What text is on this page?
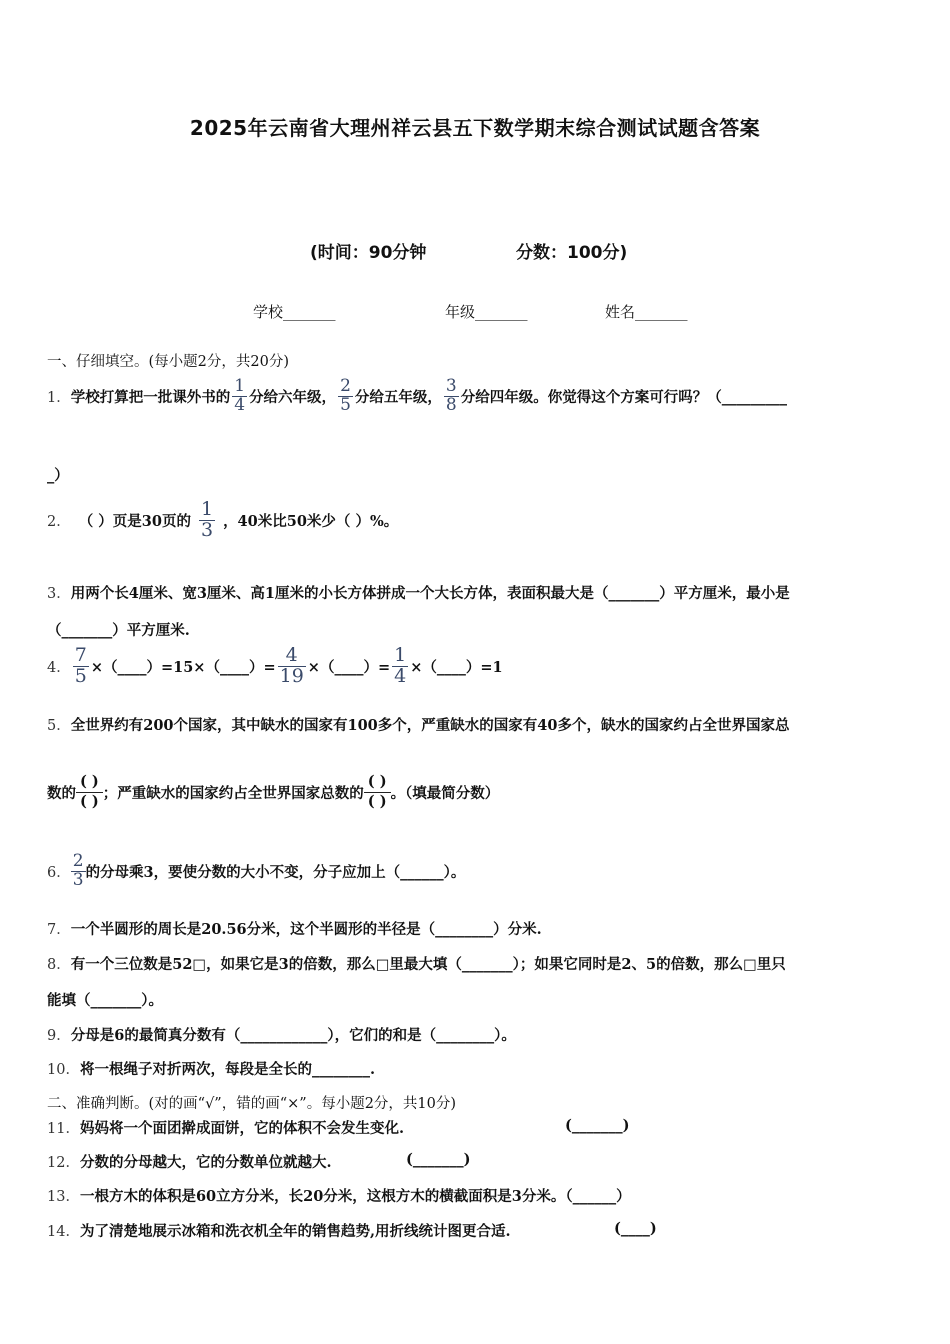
2025年云南省大理州祥云县五下数学期末综合测试试题含答案
(时间：90分钟	分数：100分)
学校_______	年级_______	姓名_______
一、仔细填空。(每小题2分，共20分)
1． 学校打算把一批课外书的 $\frac{1}{4}$ 分给六年级， $\frac{2}{5}$ 分给五年级， $\frac{3}{8}$ 分给四年级。你觉得这个方案可行吗？（_________
_）
2． （ ）页是30页的 $\frac{1}{3}$ ，40米比50米少（ ）%。
3．用两个长4厘米、宽3厘米、高1厘米的小长方体拼成一个大长方体，表面积最大是（_______）平方厘米，最小是
（_______）平方厘米.
4． $\frac{7}{5}$ ×（____）=15×（____）= $\frac{4}{19}$ ×（____）= $\frac{1}{4}$ ×（____）=1
5．全世界约有200个国家，其中缺水的国家有100多个，严重缺水的国家有40多个，缺水的国家约占全世界国家总
数的
( )
( ) ；严重缺水的国家约占全世界国家总数的
( )
( ) 。（填最简分数）
6． $\frac{2}{3}$ 的分母乘3，要使分数的大小不变，分子应加上（______）。
7．一个半圆形的周长是20.56分米，这个半圆形的半径是（________）分米.
8．有一个三位数是52□，如果它是3的倍数，那么□里最大填（_______）；如果它同时是2、5的倍数，那么□里只
能填（_______）。
9．分母是6的最简真分数有（____________），它们的和是（________）。
10．将一根绳子对折两次，每段是全长的________.
二、准确判断。(对的画“√”，错的画“×”。每小题2分，共10分)
11．妈妈将一个面团擀成面饼，它的体积不会发生变化.	(_______)
12．分数的分母越大，它的分数单位就越大.	(_______)
13．一根方木的体积是60立方分米，长20分米，这根方木的横截面积是3分米。（______）
14．为了清楚地展示冰箱和洗衣机全年的销售趋势,用折线统计图更合适.	(____)
